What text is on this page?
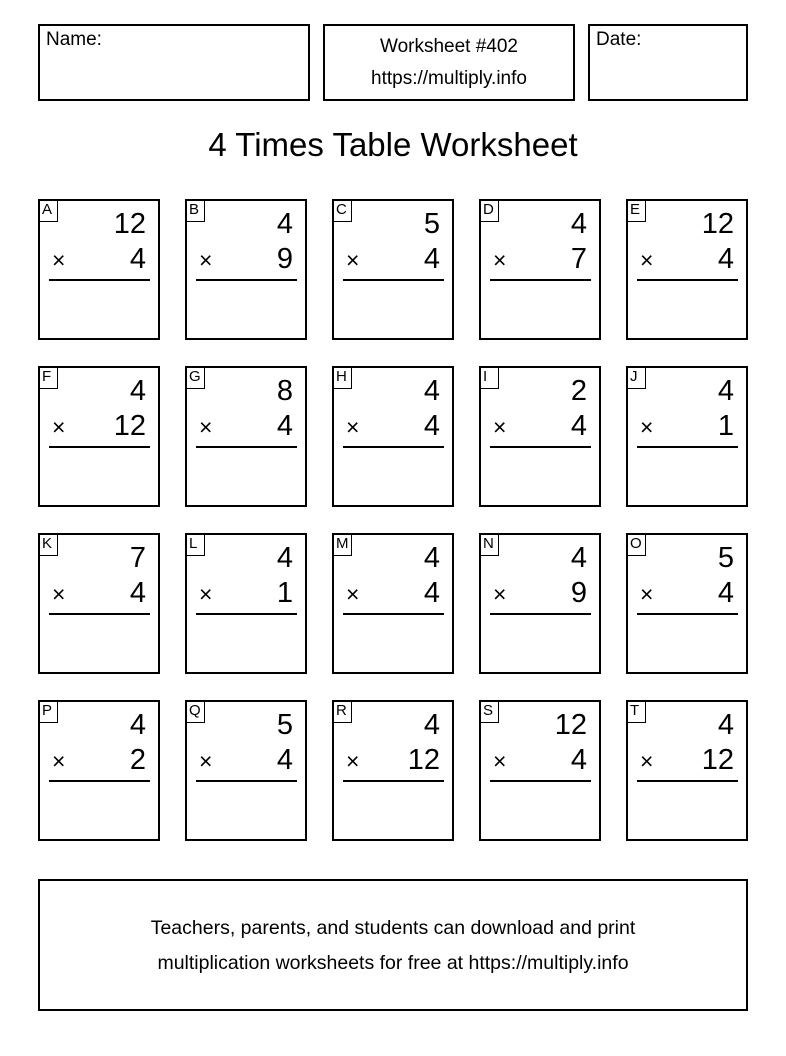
Name:	Worksheet #402
https://multiply.info
Date:
4 Times Table Worksheet
A 12
× 4
B	4
× 9
C	5
× 4
D	4
× 7
E 12
× 4
F	4
× 12
G	8
× 4
H	4
× 4
I	2
× 4
J	4
× 1
K	7
× 4
L	4
× 1
M	4
× 4
N	4
× 9
O	5
× 4
P	4
× 2
Q	5
× 4
R	4
× 12
S 12
× 4
T	4
× 12
Teachers, parents, and students can download and print
multiplication worksheets for free at https://multiply.info
